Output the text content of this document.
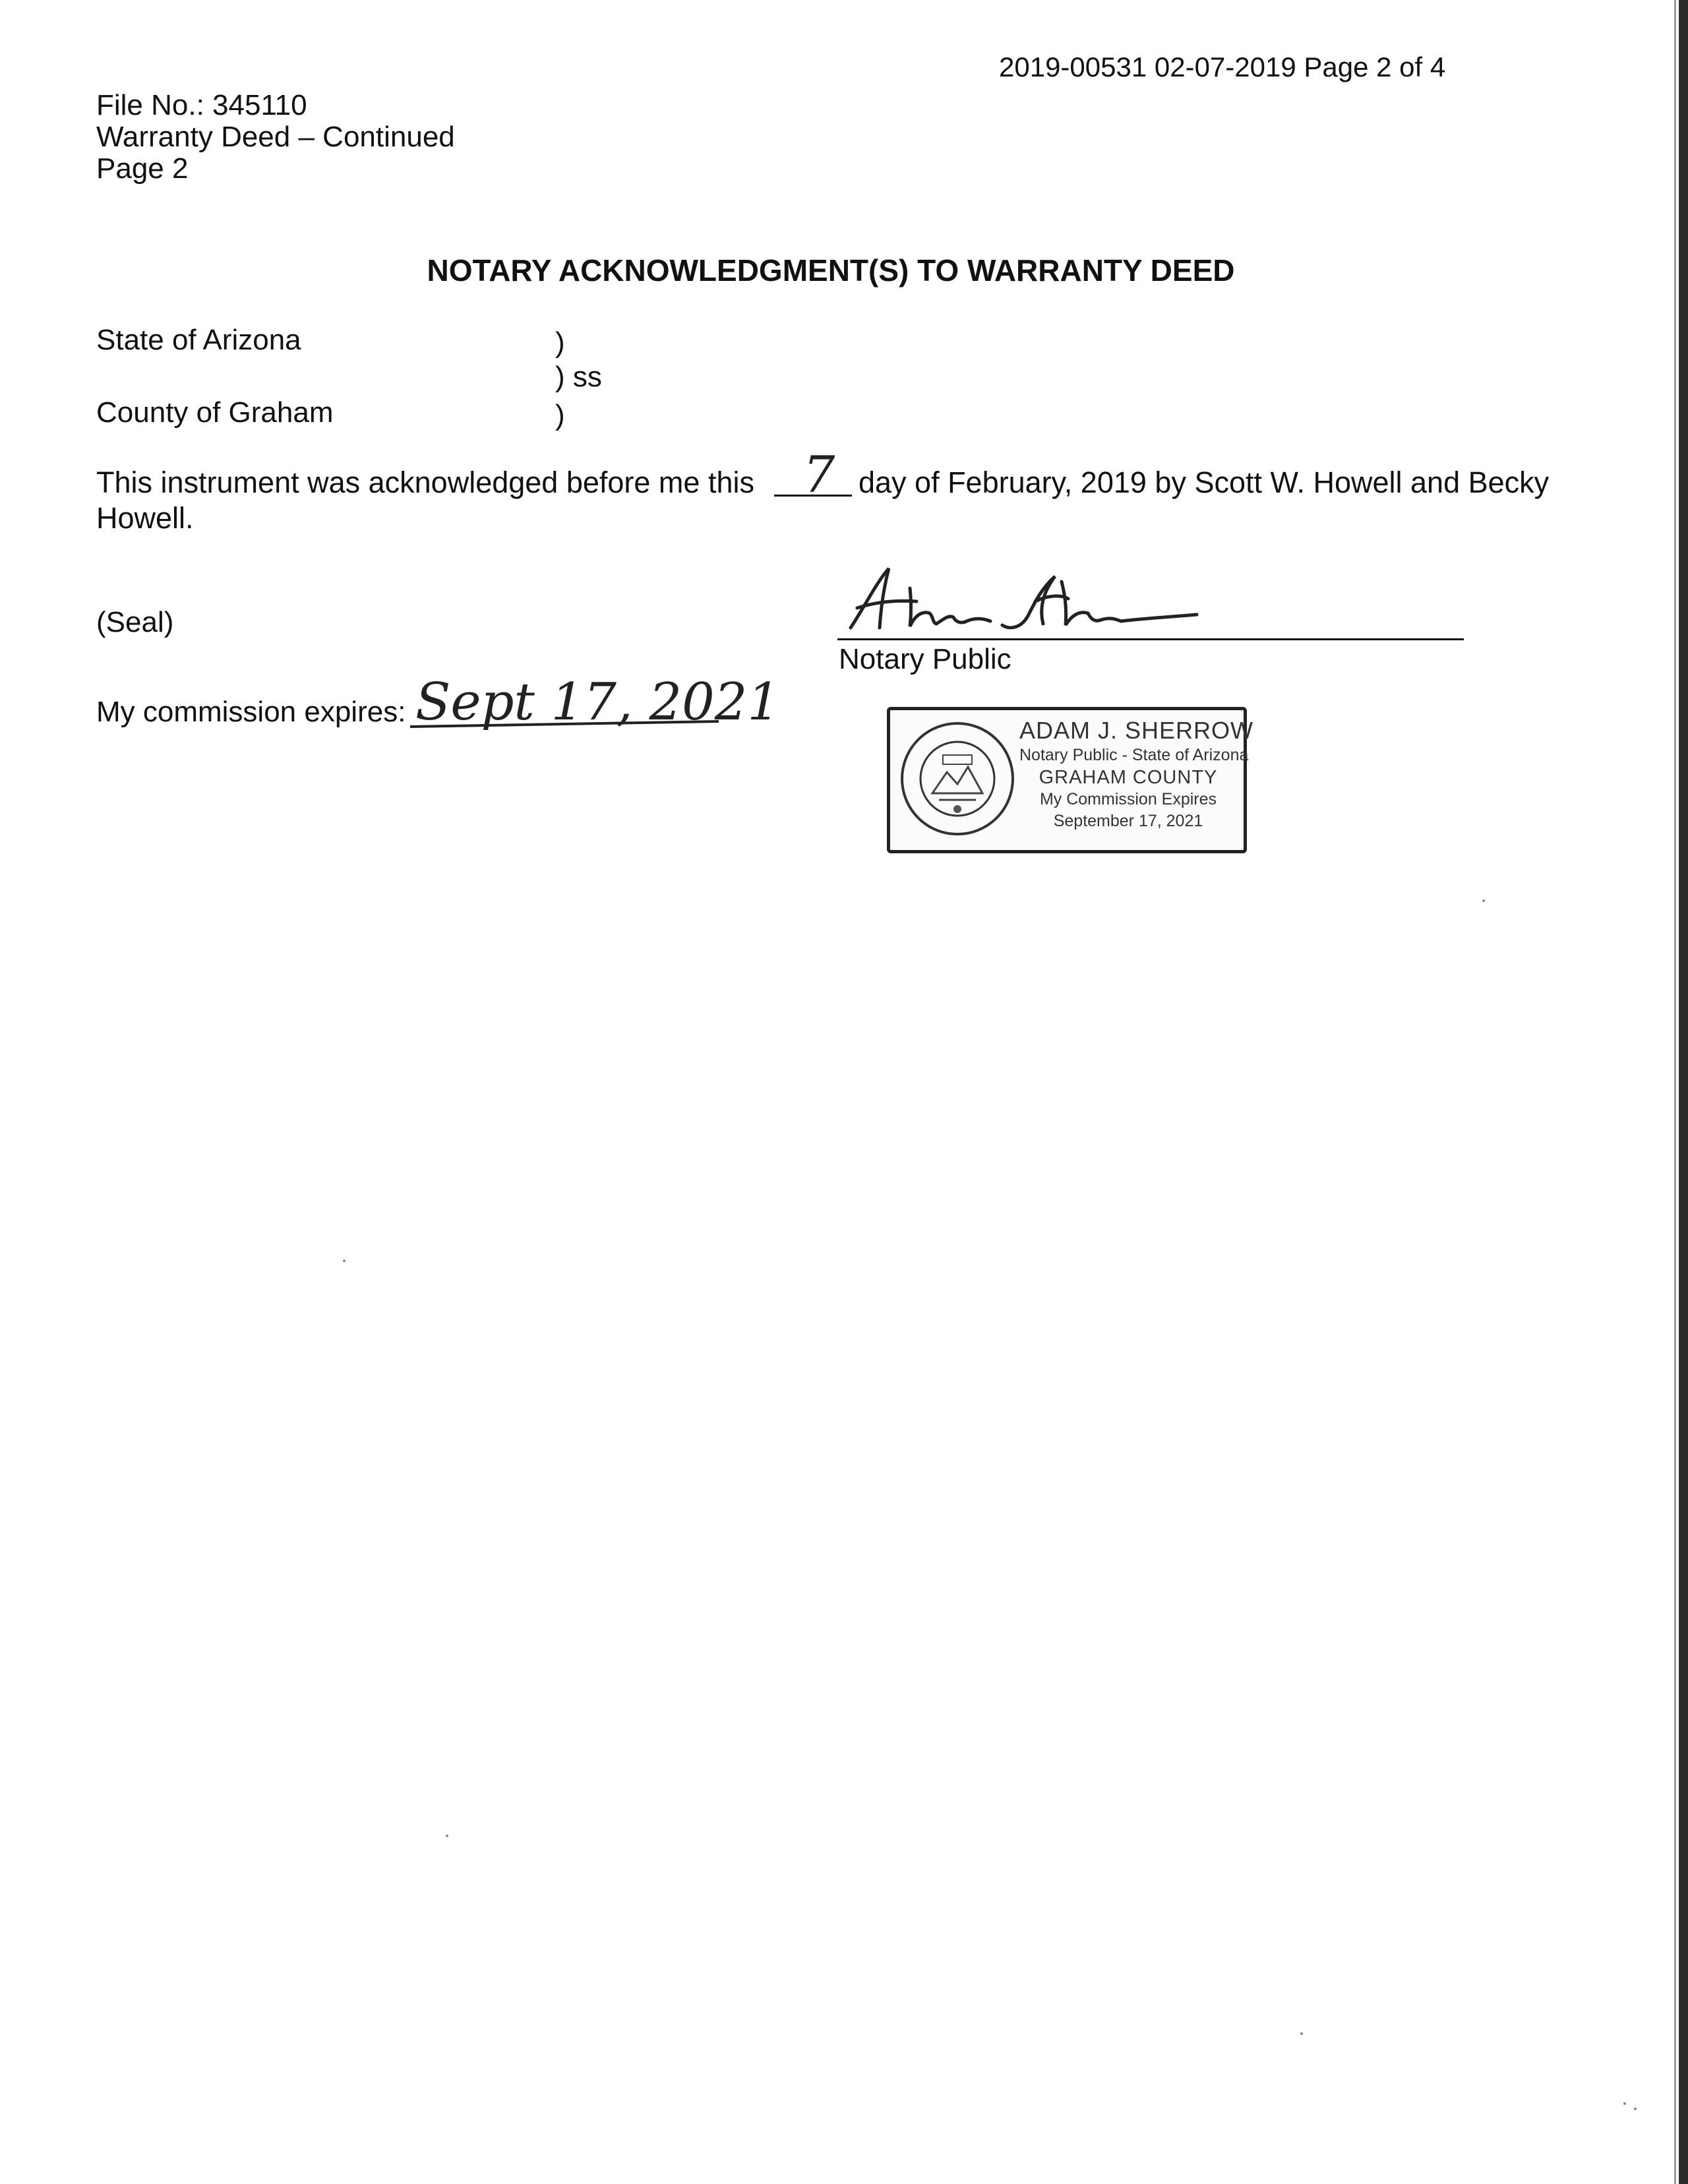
2019-00531 02-07-2019 Page 2 of 4
File No.: 345110
Warranty Deed – Continued
Page 2
NOTARY ACKNOWLEDGMENT(S) TO WARRANTY DEED
State of Arizona
County of Graham
)
) ss
)
This instrument was acknowledged before me this	day of February, 2019 by Scott W. Howell and Becky
7
Howell.
(Seal)
Notary Public
My commission expires: Sept 17, 2021	ADAM J. SHERROW
Notary Public - State of Arizona
GRAHAM COUNTY
My Commission Expires
September 17, 2021
